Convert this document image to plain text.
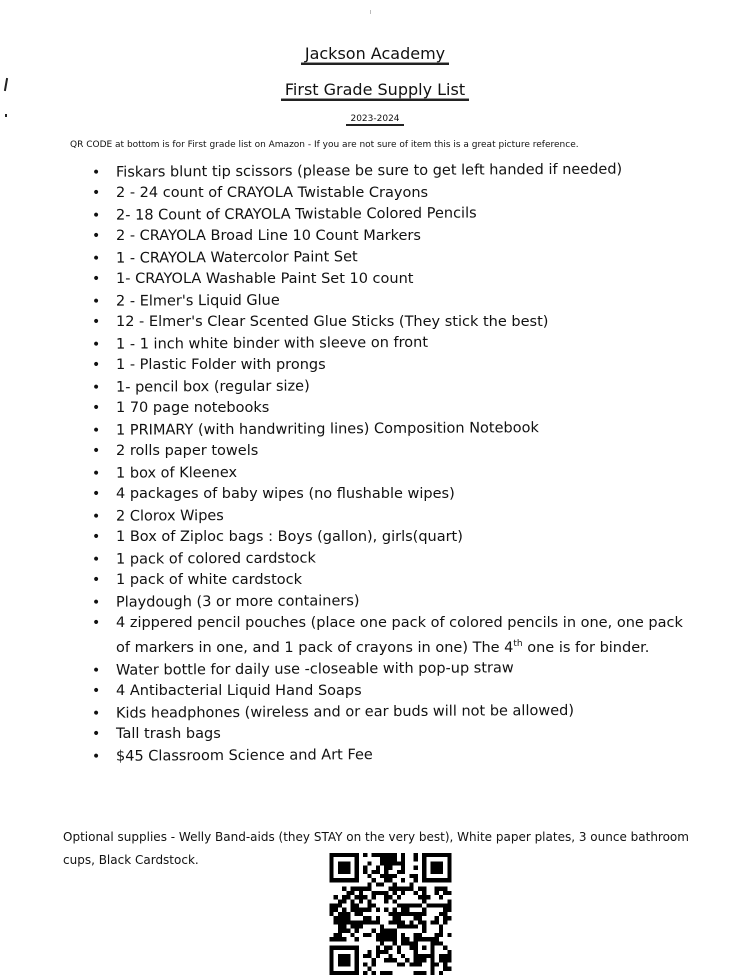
Jackson Academy
First Grade Supply List
2023-2024
QR CODE at bottom is for First grade list on Amazon - If you are not sure of item this is a great picture reference.
• Fiskars blunt tip scissors (please be sure to get left handed if needed)
• 2 - 24 count of CRAYOLA Twistable Crayons
• 2- 18 Count of CRAYOLA Twistable Colored Pencils
• 2 - CRAYOLA Broad Line 10 Count Markers
• 1 - CRAYOLA Watercolor Paint Set
• 1- CRAYOLA Washable Paint Set 10 count
• 2 - Elmer's Liquid Glue
• 12 - Elmer's Clear Scented Glue Sticks (They stick the best)
• 1 - 1 inch white binder with sleeve on front
• 1 - Plastic Folder with prongs
• 1- pencil box (regular size)
• 1 70 page notebooks
• 1 PRIMARY (with handwriting lines) Composition Notebook
• 2 rolls paper towels
• 1 box of Kleenex
• 4 packages of baby wipes (no flushable wipes)
• 2 Clorox Wipes
• 1 Box of Ziploc bags : Boys (gallon), girls(quart)
• 1 pack of colored cardstock
• 1 pack of white cardstock
• Playdough (3 or more containers)
• 4 zippered pencil pouches (place one pack of colored pencils in one, one pack of markers in one, and 1 pack of crayons in one) The 4th one is for binder.
• Water bottle for daily use -closeable with pop-up straw
• 4 Antibacterial Liquid Hand Soaps
• Kids headphones (wireless and or ear buds will not be allowed)
• Tall trash bags
• $45 Classroom Science and Art Fee
Optional supplies - Welly Band-aids (they STAY on the very best), White paper plates, 3 ounce bathroom cups, Black Cardstock.
